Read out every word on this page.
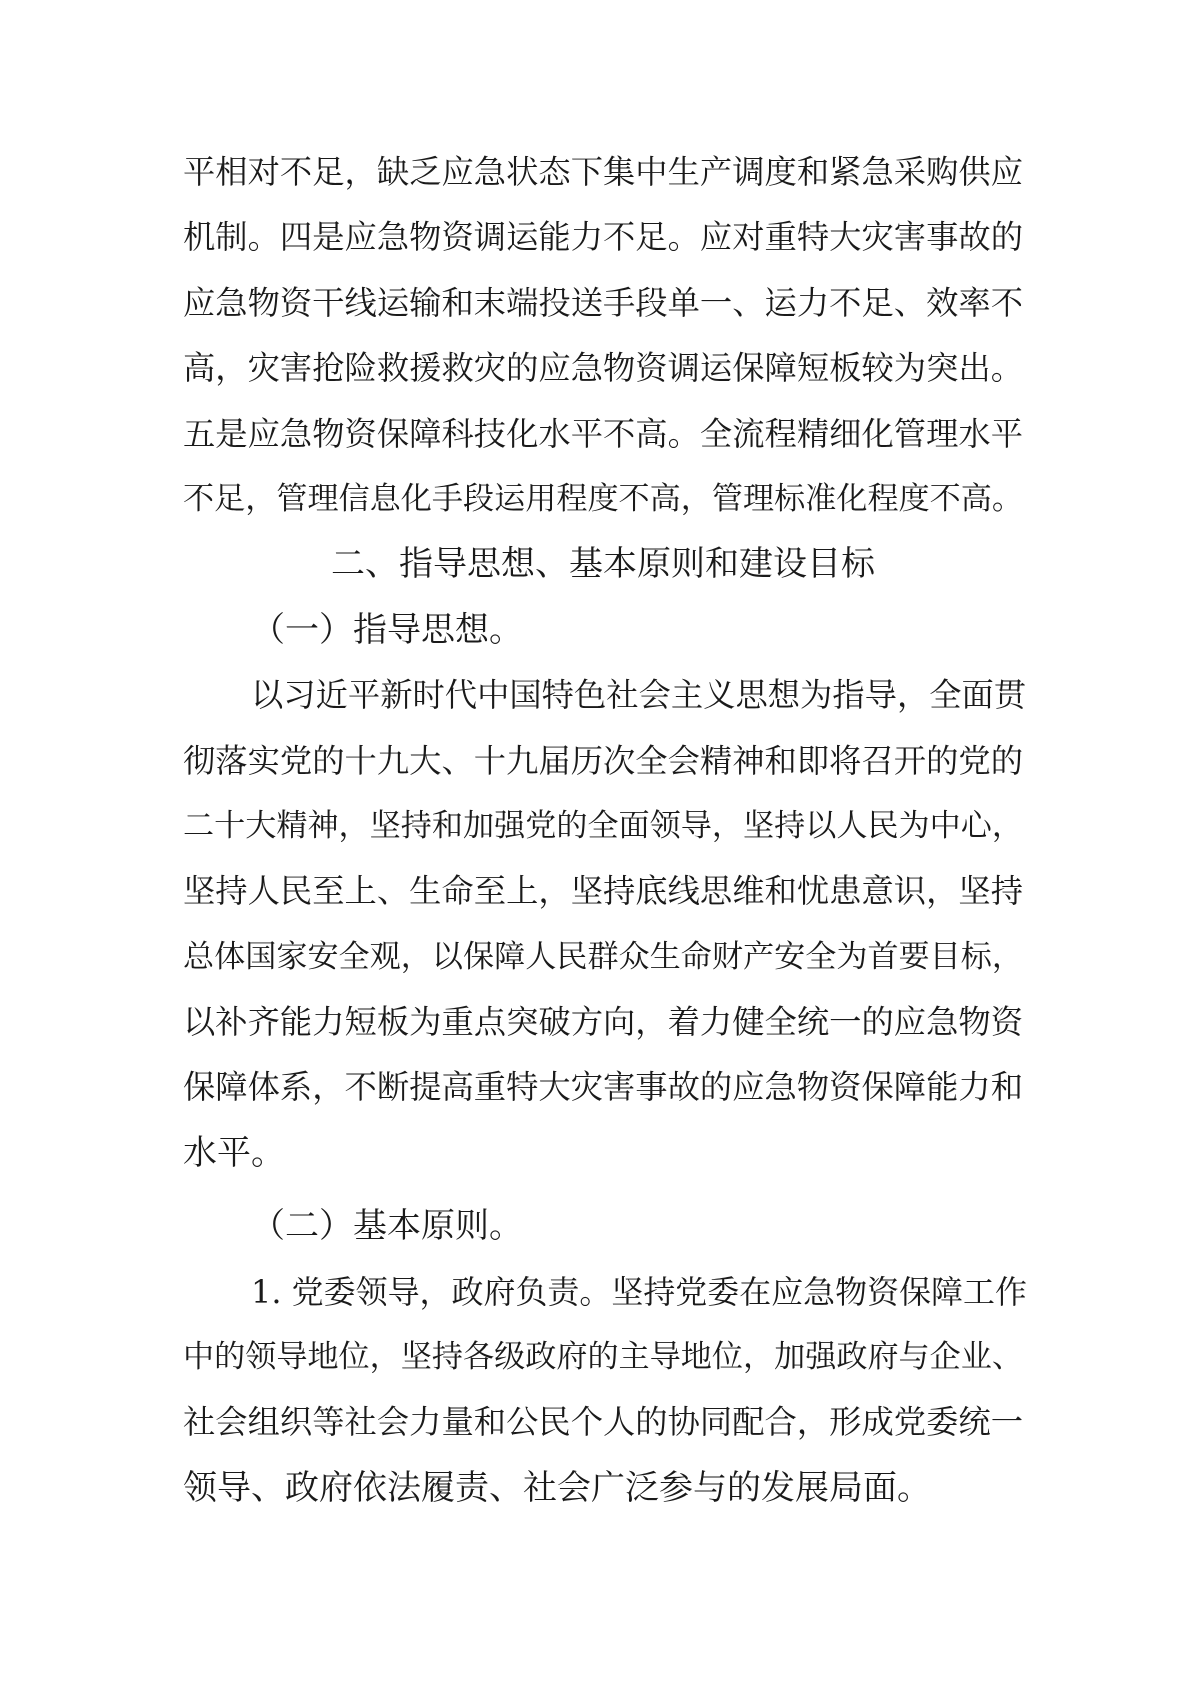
平相对不足，缺乏应急状态下集中生产调度和紧急采购供应
机制。四是应急物资调运能力不足。应对重特大灾害事故的
应急物资干线运输和末端投送手段单一、运力不足、效率不
高，灾害抢险救援救灾的应急物资调运保障短板较为突出。
五是应急物资保障科技化水平不高。全流程精细化管理水平
不足，管理信息化手段运用程度不高，管理标准化程度不高。
二、指导思想、基本原则和建设目标
（一）指导思想。
以习近平新时代中国特色社会主义思想为指导，全面贯
彻落实党的十九大、十九届历次全会精神和即将召开的党的
二十大精神，坚持和加强党的全面领导，坚持以人民为中心，
坚持人民至上、生命至上，坚持底线思维和忧患意识，坚持
总体国家安全观，以保障人民群众生命财产安全为首要目标，
以补齐能力短板为重点突破方向，着力健全统一的应急物资
保障体系，不断提高重特大灾害事故的应急物资保障能力和
水平。
（二）基本原则。
1. 党委领导，政府负责。坚持党委在应急物资保障工作
中的领导地位，坚持各级政府的主导地位，加强政府与企业、
社会组织等社会力量和公民个人的协同配合，形成党委统一
领导、政府依法履责、社会广泛参与的发展局面。
